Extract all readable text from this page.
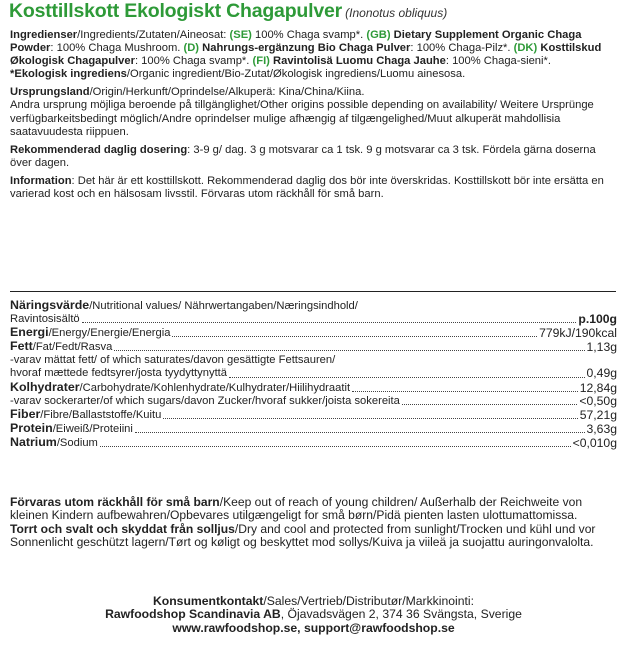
Kosttillskott Ekologiskt Chagapulver (Inonotus obliquus)

Ingredienser/Ingredients/Zutaten/Aineosat: (SE) 100% Chaga svamp*. (GB) Dietary Supplement Organic Chaga Powder: 100% Chaga Mushroom. (D) Nahrungs-ergänzung Bio Chaga Pulver: 100% Chaga-Pilz*. (DK) Kosttilskud Økologisk Chagapulver: 100% Chaga svamp*. (FI) Ravintolisä Luomu Chaga Jauhe: 100% Chaga-sieni*.

*Ekologisk ingrediens/Organic ingredient/Bio-Zutat/Økologisk ingrediens/Luomu ainesosa.

Ursprungsland/Origin/Herkunft/Oprindelse/Alkuperä: Kina/China/Kiina.

Andra ursprung möjliga beroende på tillgänglighet/Other origins possible depending on availability/ Weitere Ursprünge verfügbarkeitsbedingt möglich/Andre oprindelser mulige afhængig af tilgængelighed/Muut alkuperät mahdollisia saatavuudesta riippuen.

Rekommenderad daglig dosering: 3-9 g/ dag. 3 g motsvarar ca 1 tsk. 9 g motsvarar ca 3 tsk. Fördela gärna doserna över dagen.

Information: Det här är ett kosttillskott. Rekommenderad daglig dos bör inte överskridas. Kosttillskott bör inte ersätta en varierad kost och en hälsosam livsstil. Förvaras utom räckhåll för små barn.

Näringsvärde/Nutritional values/ Nährwertangaben/Næringsindhold/

Ravintosisältö	p.100g
Energi/Energy/Energie/Energia	779kJ/190kcal
Fett/Fat/Fedt/Rasva	1,13g

-varav mättat fett/ of which saturates/davon gesättigte Fettsauren/

hvoraf mættede fedtsyrer/josta tyydyttynyttä	0,49g
Kolhydrater/Carbohydrate/Kohlenhydrate/Kulhydrater/Hiilihydraatit	12,84g
-varav sockerarter/of which sugars/davon Zucker/hvoraf sukker/joista sokereita	<0,50g
Fiber/Fibre/Ballaststoffe/Kuitu	57,21g
Protein/Eiweiß/Proteiini	3,63g
Natrium/Sodium	<0,010g

Förvaras utom räckhåll för små barn/Keep out of reach of young children/ Außerhalb der Reichweite von kleinen Kindern aufbewahren/Opbevares utilgængeligt for små børn/Pidä pienten lasten ulottumattomissa.

Torrt och svalt och skyddat från solljus/Dry and cool and protected from sunlight/Trocken und kühl und vor Sonnenlicht geschützt lagern/Tørt og køligt og beskyttet mod sollys/Kuiva ja viileä ja suojattu auringonvalolta.

Konsumentkontakt/Sales/Vertrieb/Distributør/Markkinointi:

Rawfoodshop Scandinavia AB, Öjavadsvägen 2, 374 36 Svängsta, Sverige

www.rawfoodshop.se, support@rawfoodshop.se
